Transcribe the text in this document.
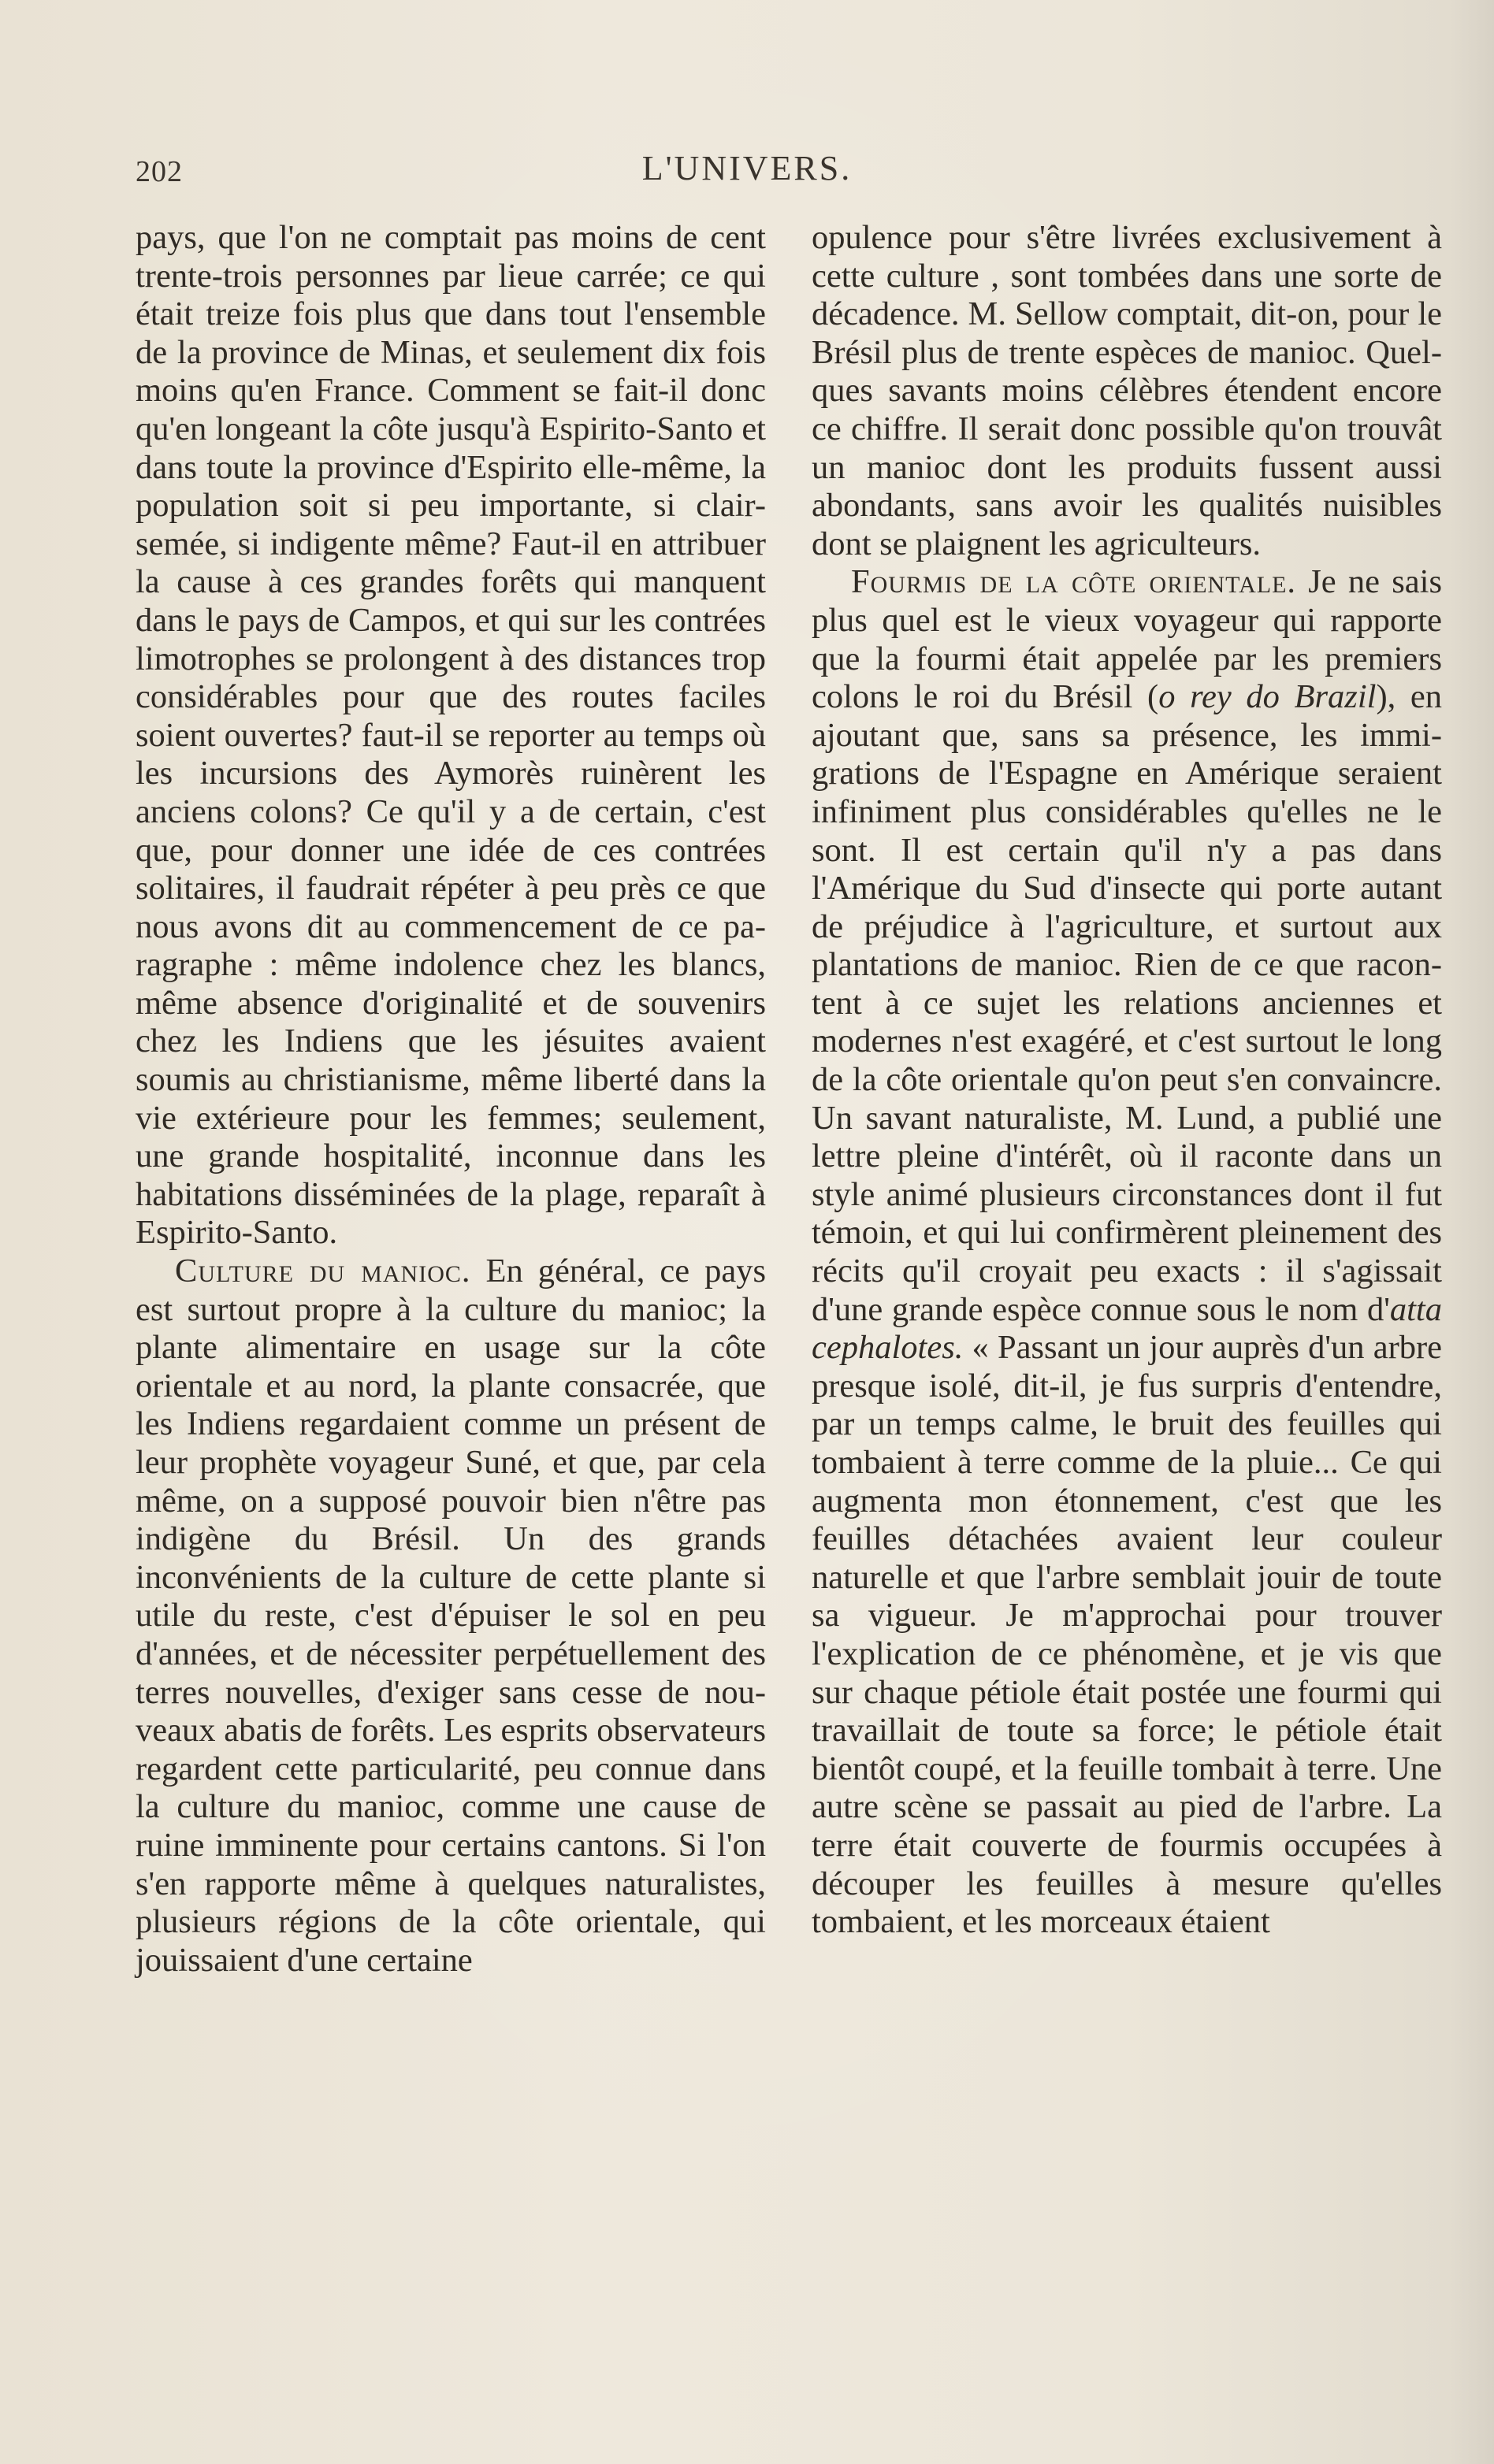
202	L'UNIVERS.

pays, que l'on ne comptait pas moins de cent trente-trois personnes par lieue carrée; ce qui était treize fois plus que dans tout l'ensemble de la province de Minas, et seulement dix fois moins qu'en France. Comment se fait-il donc qu'en longeant la côte jusqu'à Espirito-Santo et dans toute la province d'Espirito elle-même, la population soit si peu importante, si clair-semée, si indigente même? Faut-il en attribuer la cause à ces grandes forêts qui manquent dans le pays de Campos, et qui sur les contrées limotrophes se prolongent à des distances trop considérables pour que des routes faciles soient ouvertes? faut-il se reporter au temps où les incursions des Aymorès ruinèrent les anciens colons? Ce qu'il y a de certain, c'est que, pour donner une idée de ces contrées solitaires, il faudrait répéter à peu près ce que nous avons dit au commencement de ce paragraphe : même indolence chez les blancs, même absence d'originalité et de souvenirs chez les Indiens que les jésuites avaient soumis au christianisme, même liberté dans la vie extérieure pour les femmes; seulement, une grande hospitalité, inconnue dans les habitations disséminées de la plage, reparaît à Espirito-Santo.

Culture du manioc. En général, ce pays est surtout propre à la culture du manioc; la plante alimentaire en usage sur la côte orientale et au nord, la plante consacrée, que les Indiens regardaient comme un présent de leur prophète voyageur Suné, et que, par cela même, on a supposé pouvoir bien n'être pas indigène du Brésil. Un des grands inconvénients de la culture de cette plante si utile du reste, c'est d'épuiser le sol en peu d'années, et de nécessiter perpétuellement des terres nouvelles, d'exiger sans cesse de nouveaux abatis de forêts. Les esprits observateurs regardent cette particularité, peu connue dans la culture du manioc, comme une cause de ruine imminente pour certains cantons. Si l'on s'en rapporte même à quelques naturalistes, plusieurs régions de la côte orientale, qui jouissaient d'une certaine

opulence pour s'être livrées exclusivement à cette culture , sont tombées dans une sorte de décadence. M. Sellow comptait, dit-on, pour le Brésil plus de trente espèces de manioc. Quelques savants moins célèbres étendent encore ce chiffre. Il serait donc possible qu'on trouvât un manioc dont les produits fussent aussi abondants, sans avoir les qualités nuisibles dont se plaignent les agriculteurs.

Fourmis de la côte orientale. Je ne sais plus quel est le vieux voyageur qui rapporte que la fourmi était appelée par les premiers colons le roi du Brésil (o rey do Brazil), en ajoutant que, sans sa présence, les immigrations de l'Espagne en Amérique seraient infiniment plus considérables qu'elles ne le sont. Il est certain qu'il n'y a pas dans l'Amérique du Sud d'insecte qui porte autant de préjudice à l'agriculture, et surtout aux plantations de manioc. Rien de ce que racontent à ce sujet les relations anciennes et modernes n'est exagéré, et c'est surtout le long de la côte orientale qu'on peut s'en convaincre. Un savant naturaliste, M. Lund, a publié une lettre pleine d'intérêt, où il raconte dans un style animé plusieurs circonstances dont il fut témoin, et qui lui confirmèrent pleinement des récits qu'il croyait peu exacts : il s'agissait d'une grande espèce connue sous le nom d'atta cephalotes. « Passant un jour auprès d'un arbre presque isolé, dit-il, je fus surpris d'entendre, par un temps calme, le bruit des feuilles qui tombaient à terre comme de la pluie... Ce qui augmenta mon étonnement, c'est que les feuilles détachées avaient leur couleur naturelle et que l'arbre semblait jouir de toute sa vigueur. Je m'approchai pour trouver l'explication de ce phénomène, et je vis que sur chaque pétiole était postée une fourmi qui travaillait de toute sa force; le pétiole était bientôt coupé, et la feuille tombait à terre. Une autre scène se passait au pied de l'arbre. La terre était couverte de fourmis occupées à découper les feuilles à mesure qu'elles tombaient, et les morceaux étaient
